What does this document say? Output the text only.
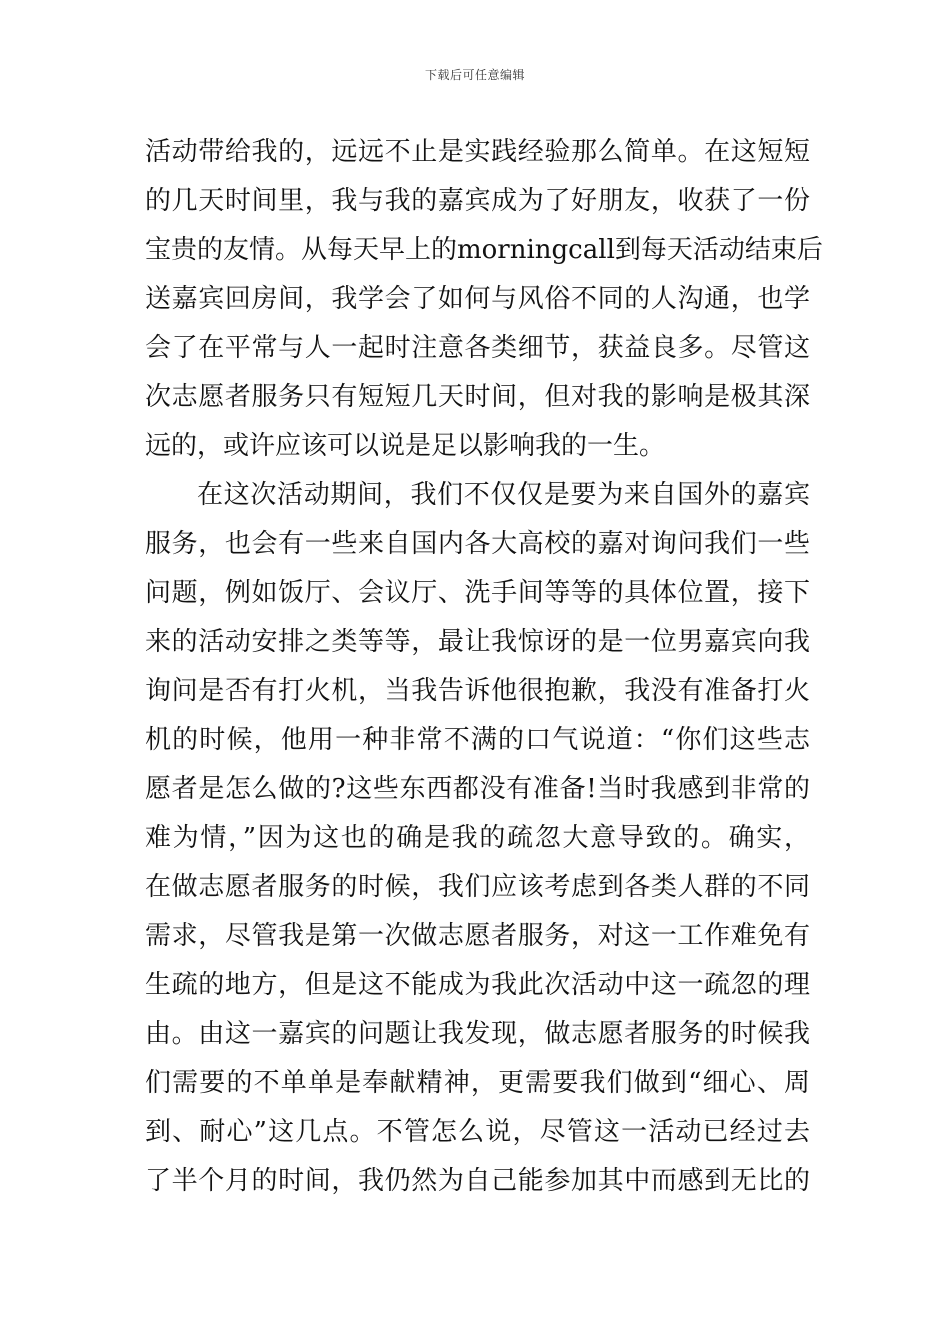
下载后可任意编辑
活动带给我的，远远不止是实践经验那么简单。在这短短
的几天时间里，我与我的嘉宾成为了好朋友，收获了一份
宝贵的友情。从每天早上的morningcall到每天活动结束后
送嘉宾回房间，我学会了如何与风俗不同的人沟通，也学
会了在平常与人一起时注意各类细节，获益良多。尽管这
次志愿者服务只有短短几天时间，但对我的影响是极其深
远的，或许应该可以说是足以影响我的一生。
在这次活动期间，我们不仅仅是要为来自国外的嘉宾
服务，也会有一些来自国内各大高校的嘉对询问我们一些
问题，例如饭厅、会议厅、洗手间等等的具体位置，接下
来的活动安排之类等等，最让我惊讶的是一位男嘉宾向我
询问是否有打火机，当我告诉他很抱歉，我没有准备打火
机的时候，他用一种非常不满的口气说道：“你们这些志
愿者是怎么做的?这些东西都没有准备!当时我感到非常的
难为情，”因为这也的确是我的疏忽大意导致的。确实，
在做志愿者服务的时候，我们应该考虑到各类人群的不同
需求，尽管我是第一次做志愿者服务，对这一工作难免有
生疏的地方，但是这不能成为我此次活动中这一疏忽的理
由。由这一嘉宾的问题让我发现，做志愿者服务的时候我
们需要的不单单是奉献精神，更需要我们做到“细心、周
到、耐心”这几点。不管怎么说，尽管这一活动已经过去
了半个月的时间，我仍然为自己能参加其中而感到无比的
